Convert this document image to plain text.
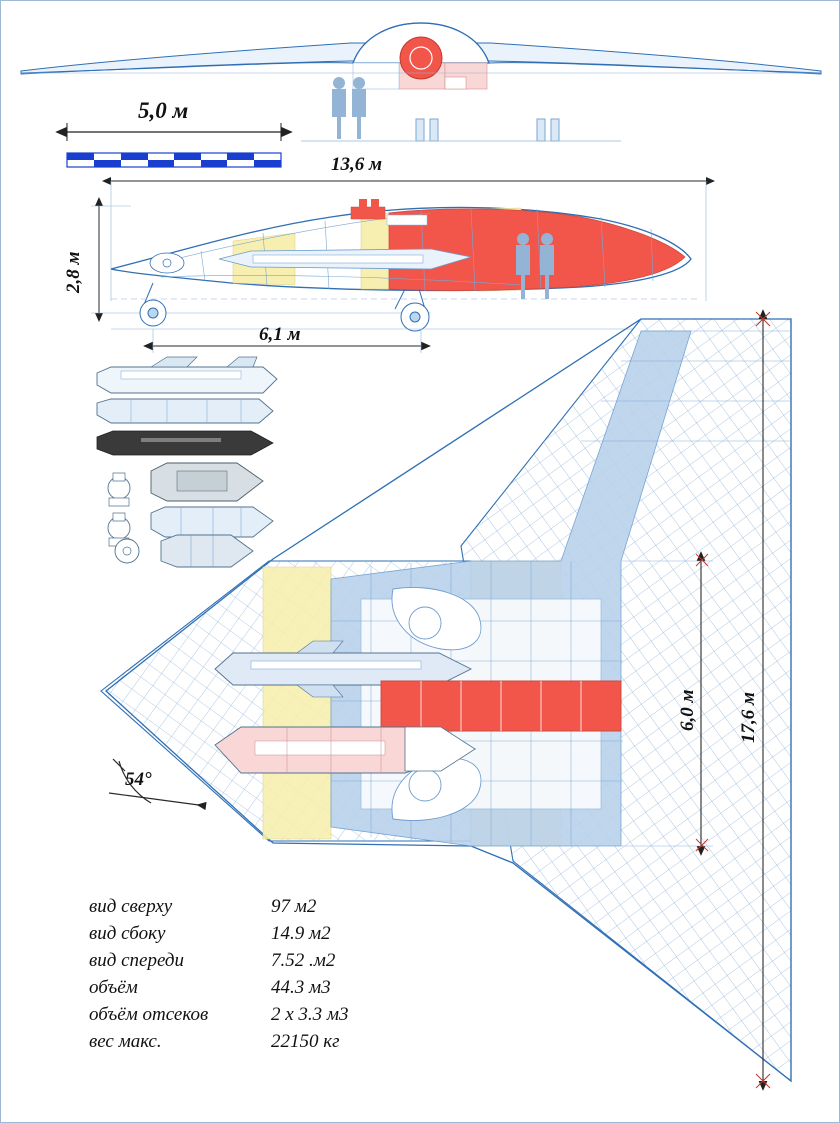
5,0 м
13,6 м
2,8 м
6,1 м
6,0 м 17,6 м
54°
вид сверху	97 м2
вид сбоку	14.9 м2
вид спереди	7.52 .м2
объём	44.3 м3
объём отсеков	2 х 3.3 м3
вес макс.	22150 кг
